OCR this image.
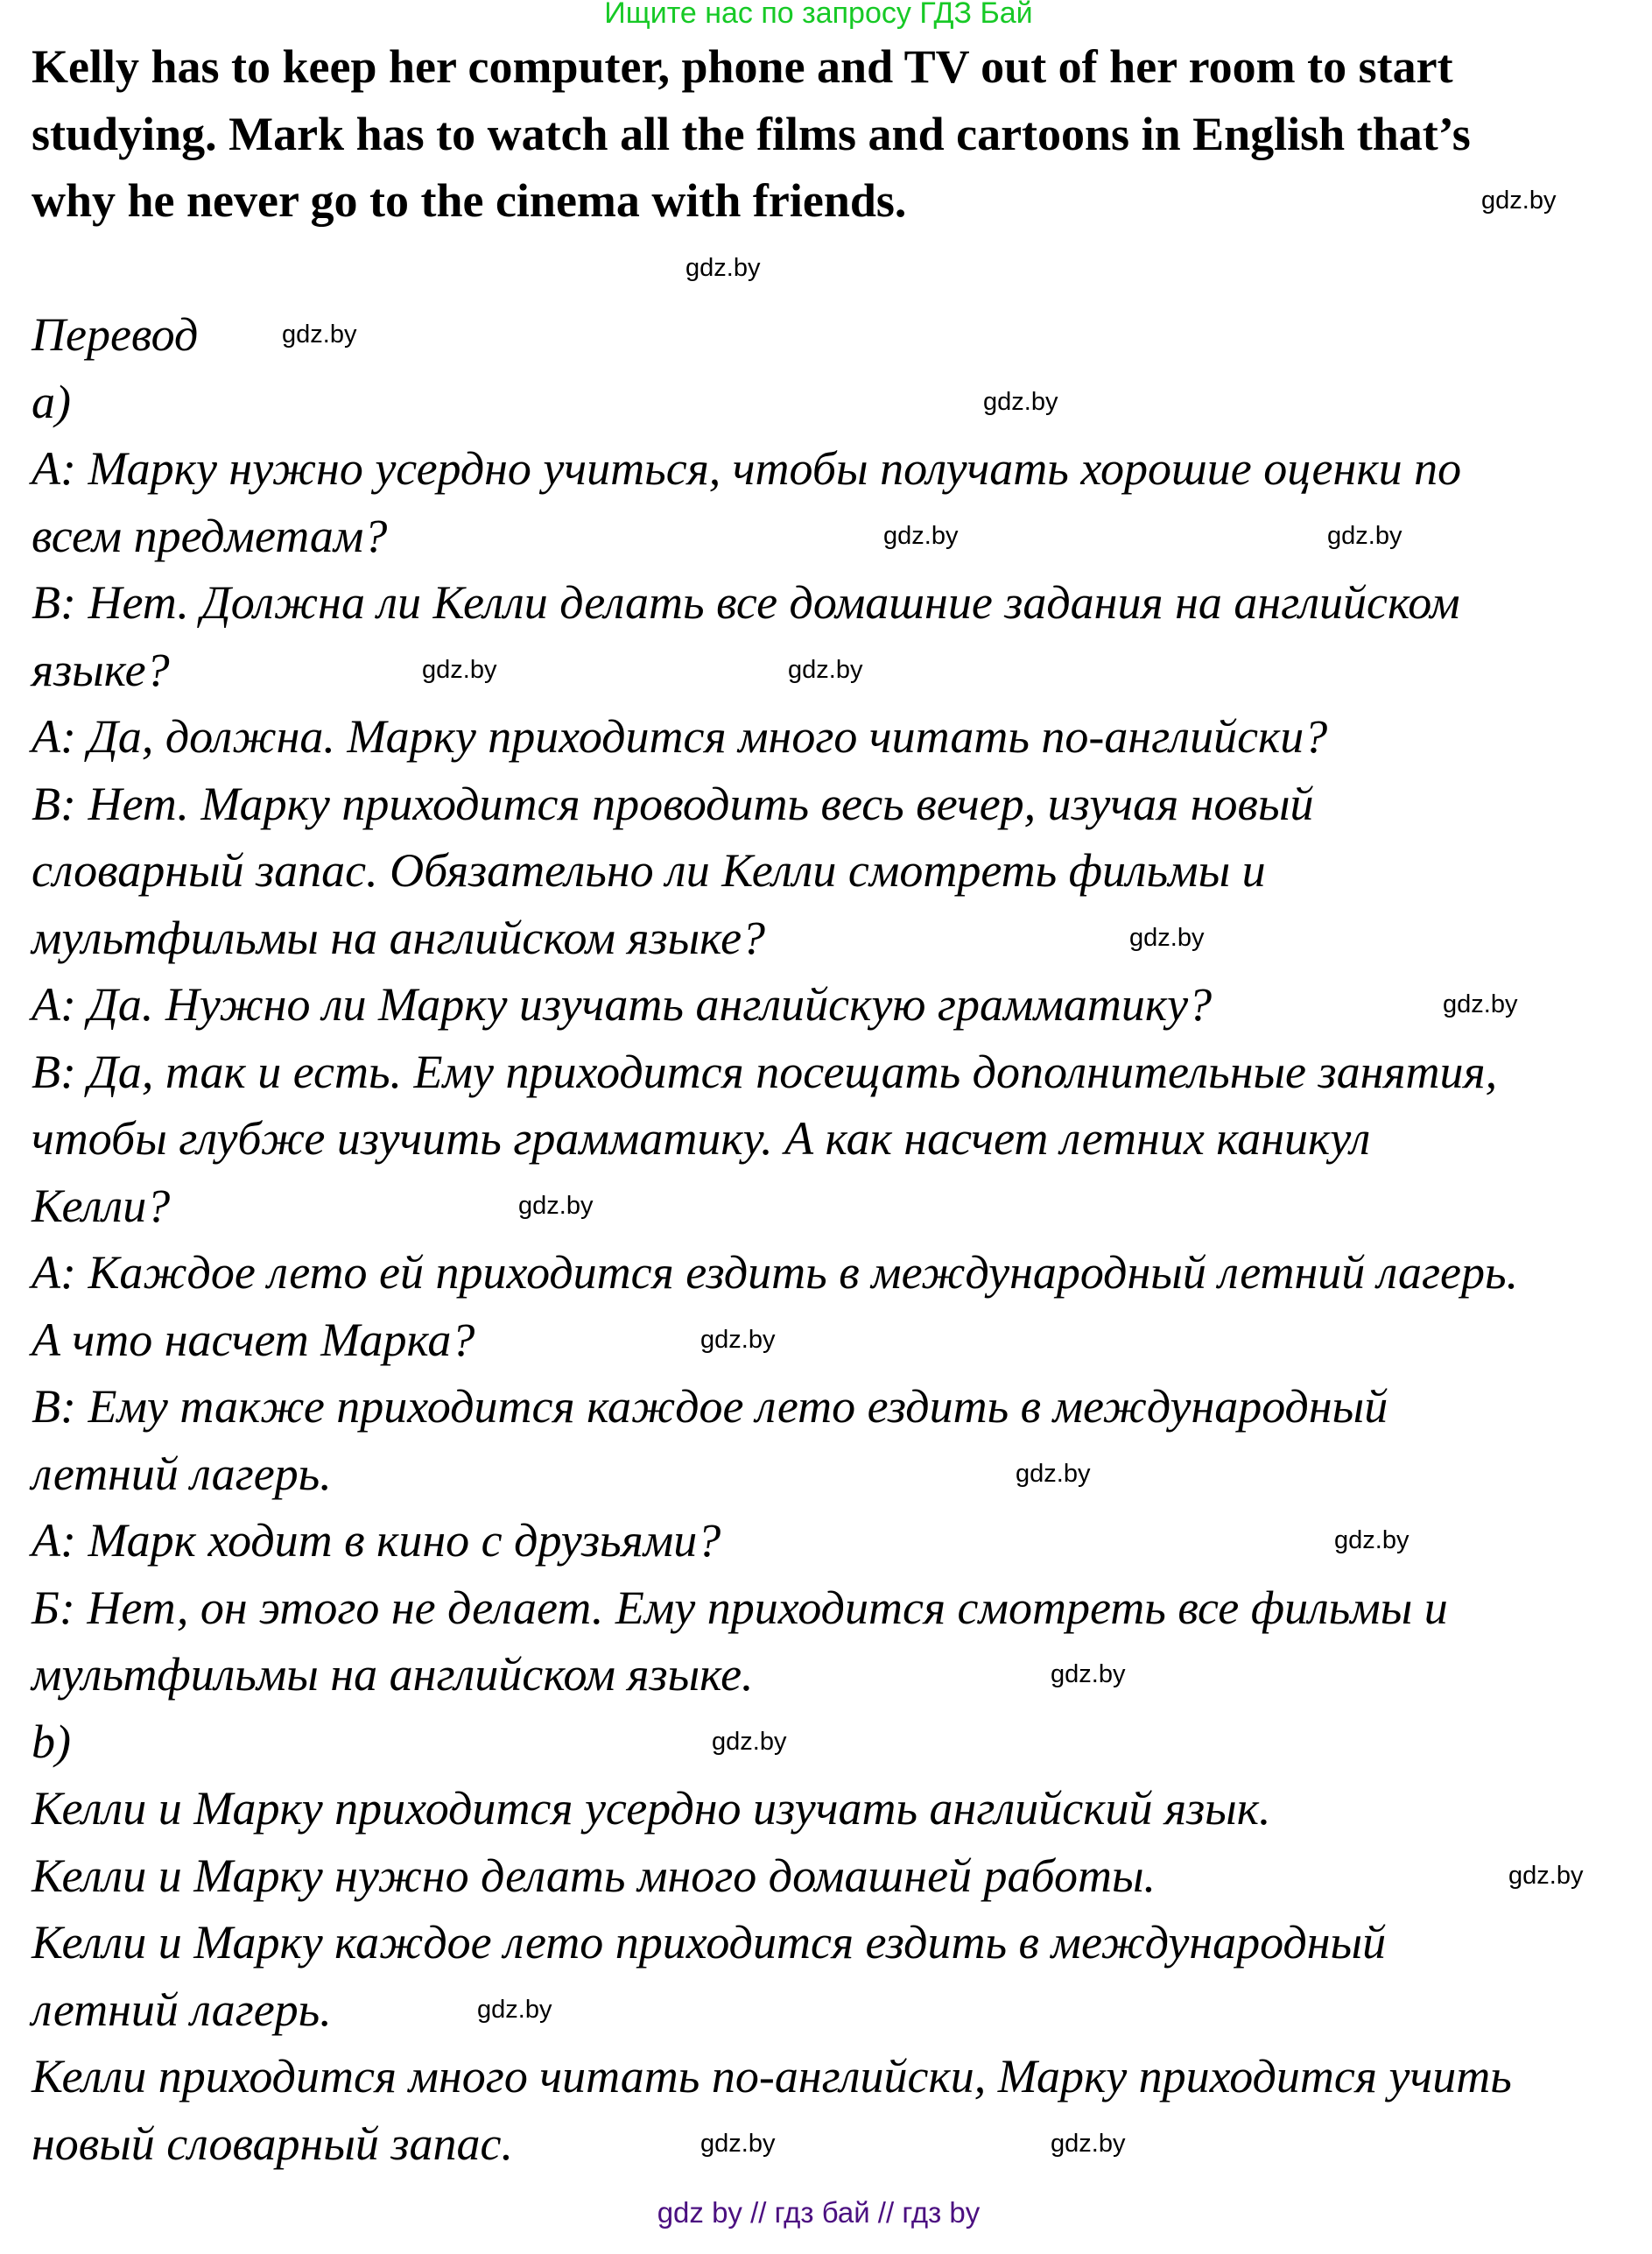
Ищите нас по запросу ГДЗ Бай
Kelly has to keep her computer, phone and TV out of her room to start
studying. Mark has to watch all the films and cartoons in English that’s
why he never go to the cinema with friends.
Перевод
a)
А: Марку нужно усердно учиться, чтобы получать хорошие оценки по
всем предметам?
В: Нет. Должна ли Келли делать все домашние задания на английском
языке?
А: Да, должна. Марку приходится много читать по-английски?
В: Нет. Марку приходится проводить весь вечер, изучая новый
словарный запас. Обязательно ли Келли смотреть фильмы и
мультфильмы на английском языке?
А: Да. Нужно ли Марку изучать английскую грамматику?
В: Да, так и есть. Ему приходится посещать дополнительные занятия,
чтобы глубже изучить грамматику. А как насчет летних каникул
Келли?
А: Каждое лето ей приходится ездить в международный летний лагерь.
А что насчет Марка?
В: Ему также приходится каждое лето ездить в международный
летний лагерь.
А: Марк ходит в кино с друзьями?
Б: Нет, он этого не делает. Ему приходится смотреть все фильмы и
мультфильмы на английском языке.
b)
Келли и Марку приходится усердно изучать английский язык.
Келли и Марку нужно делать много домашней работы.
Келли и Марку каждое лето приходится ездить в международный
летний лагерь.
Келли приходится много читать по-английски, Марку приходится учить
новый словарный запас.
gdz.by
gdz.by
gdz.by
gdz.by
gdz.by
gdz.by
gdz.by	gdz.by
gdz.by
gdz.by
gdz.by
gdz.by
gdz.by
gdz.by
gdz.by
gdz.by
gdz.by
gdz.by
gdz.by	gdz.by
gdz by // гдз бай // гдз by
